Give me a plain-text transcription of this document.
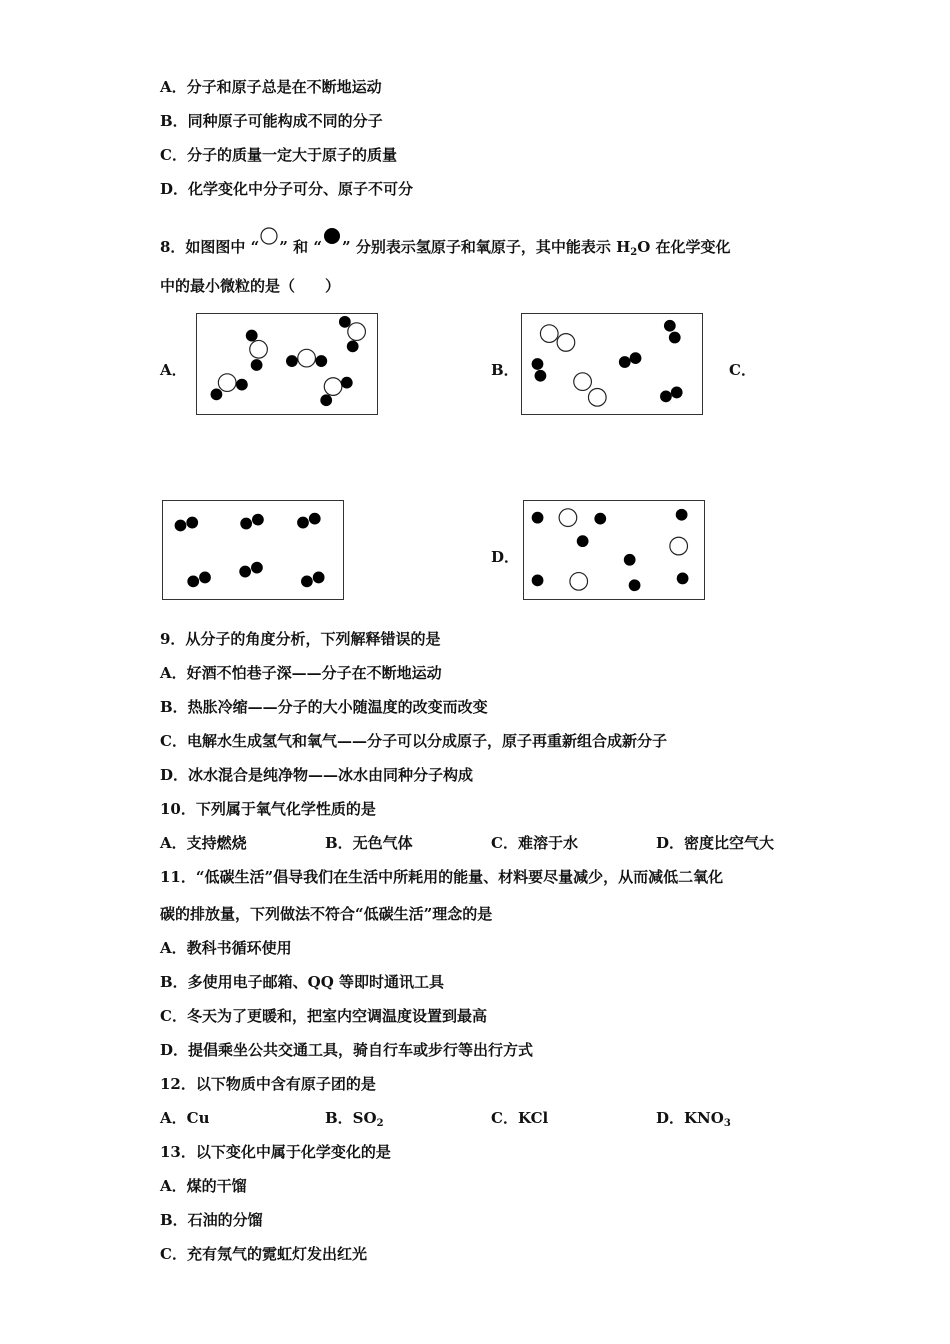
A．分子和原子总是在不断地运动
B．同种原子可能构成不同的分子
C．分子的质量一定大于原子的质量
D．化学变化中分子可分、原子不可分
8．如图图中 “ ” 和 “ ” 分别表示氢原子和氧原子，其中能表示 $H_2O$ 在化学变化
中的最小微粒的是（　　）
A．	B．	C．
D．
9．从分子的角度分析，下列解释错误的是
A．好酒不怕巷子深——分子在不断地运动
B．热胀冷缩——分子的大小随温度的改变而改变
C．电解水生成氢气和氧气——分子可以分成原子，原子再重新组合成新分子
D．冰水混合是纯净物——冰水由同种分子构成
10．下列属于氧气化学性质的是
A．支持燃烧	B．无色气体	C．难溶于水	D．密度比空气大
11．“低碳生活”倡导我们在生活中所耗用的能量、材料要尽量减少，从而减低二氧化
碳的排放量，下列做法不符合“低碳生活”理念的是
A．教科书循环使用
B．多使用电子邮箱、QQ 等即时通讯工具
C．冬天为了更暖和，把室内空调温度设置到最高
D．提倡乘坐公共交通工具，骑自行车或步行等出行方式
12．以下物质中含有原子团的是
A．Cu	B．$SO_2$	C．KCl	D．$KNO_3$
13．以下变化中属于化学变化的是
A．煤的干馏
B．石油的分馏
C．充有氖气的霓虹灯发出红光
